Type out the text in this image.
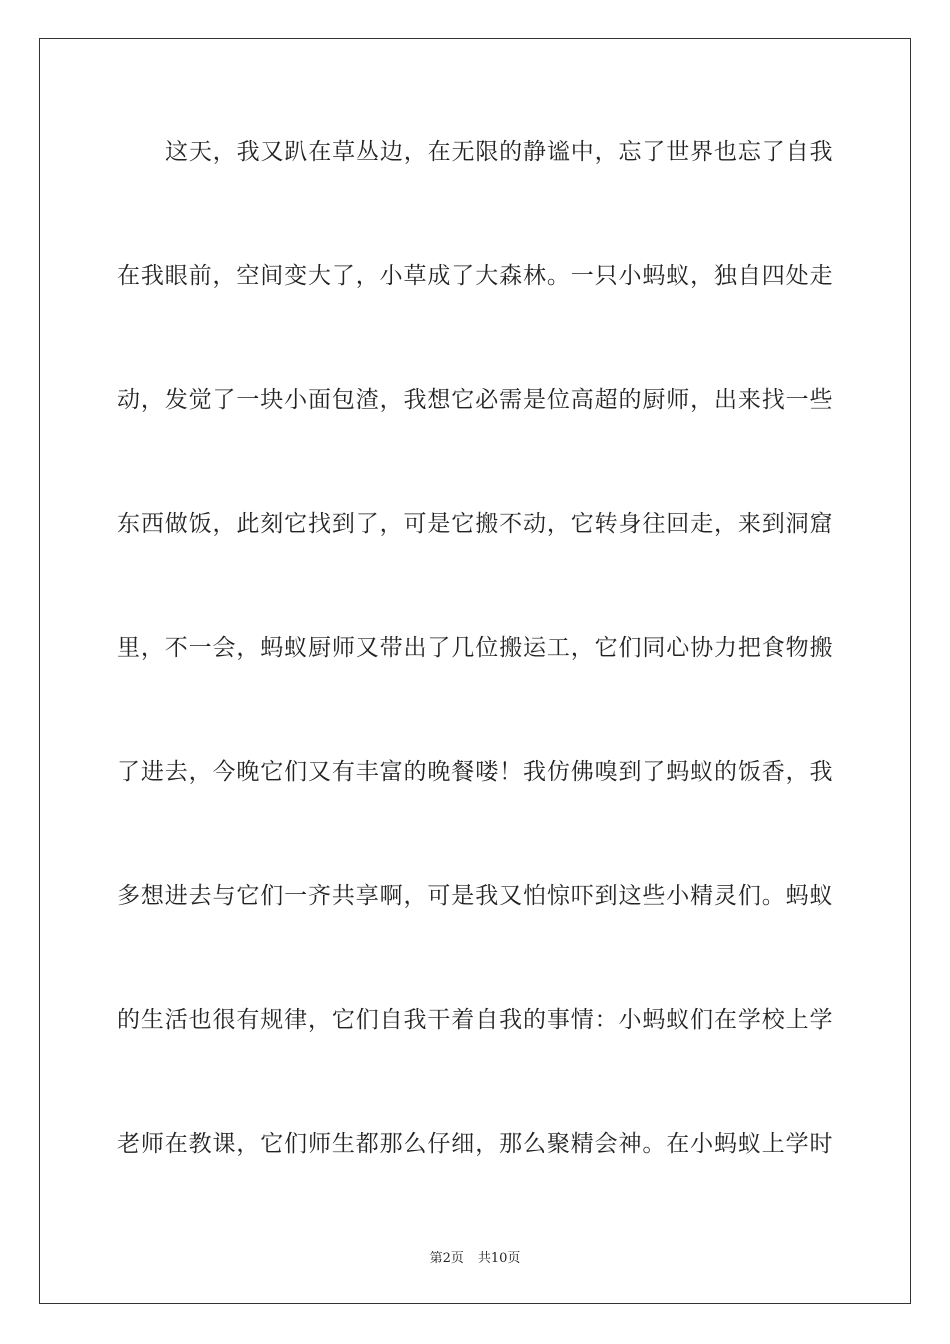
这天，我又趴在草丛边，在无限的静谧中，忘了世界也忘了自我
在我眼前，空间变大了，小草成了大森林。一只小蚂蚁，独自四处走
动，发觉了一块小面包渣，我想它必需是位高超的厨师，出来找一些
东西做饭，此刻它找到了，可是它搬不动，它转身往回走，来到洞窟
里，不一会，蚂蚁厨师又带出了几位搬运工，它们同心协力把食物搬
了进去，今晚它们又有丰富的晚餐喽！我仿佛嗅到了蚂蚁的饭香，我
多想进去与它们一齐共享啊，可是我又怕惊吓到这些小精灵们。蚂蚁
的生活也很有规律，它们自我干着自我的事情：小蚂蚁们在学校上学
老师在教课，它们师生都那么仔细，那么聚精会神。在小蚂蚁上学时
第2页 共10页
